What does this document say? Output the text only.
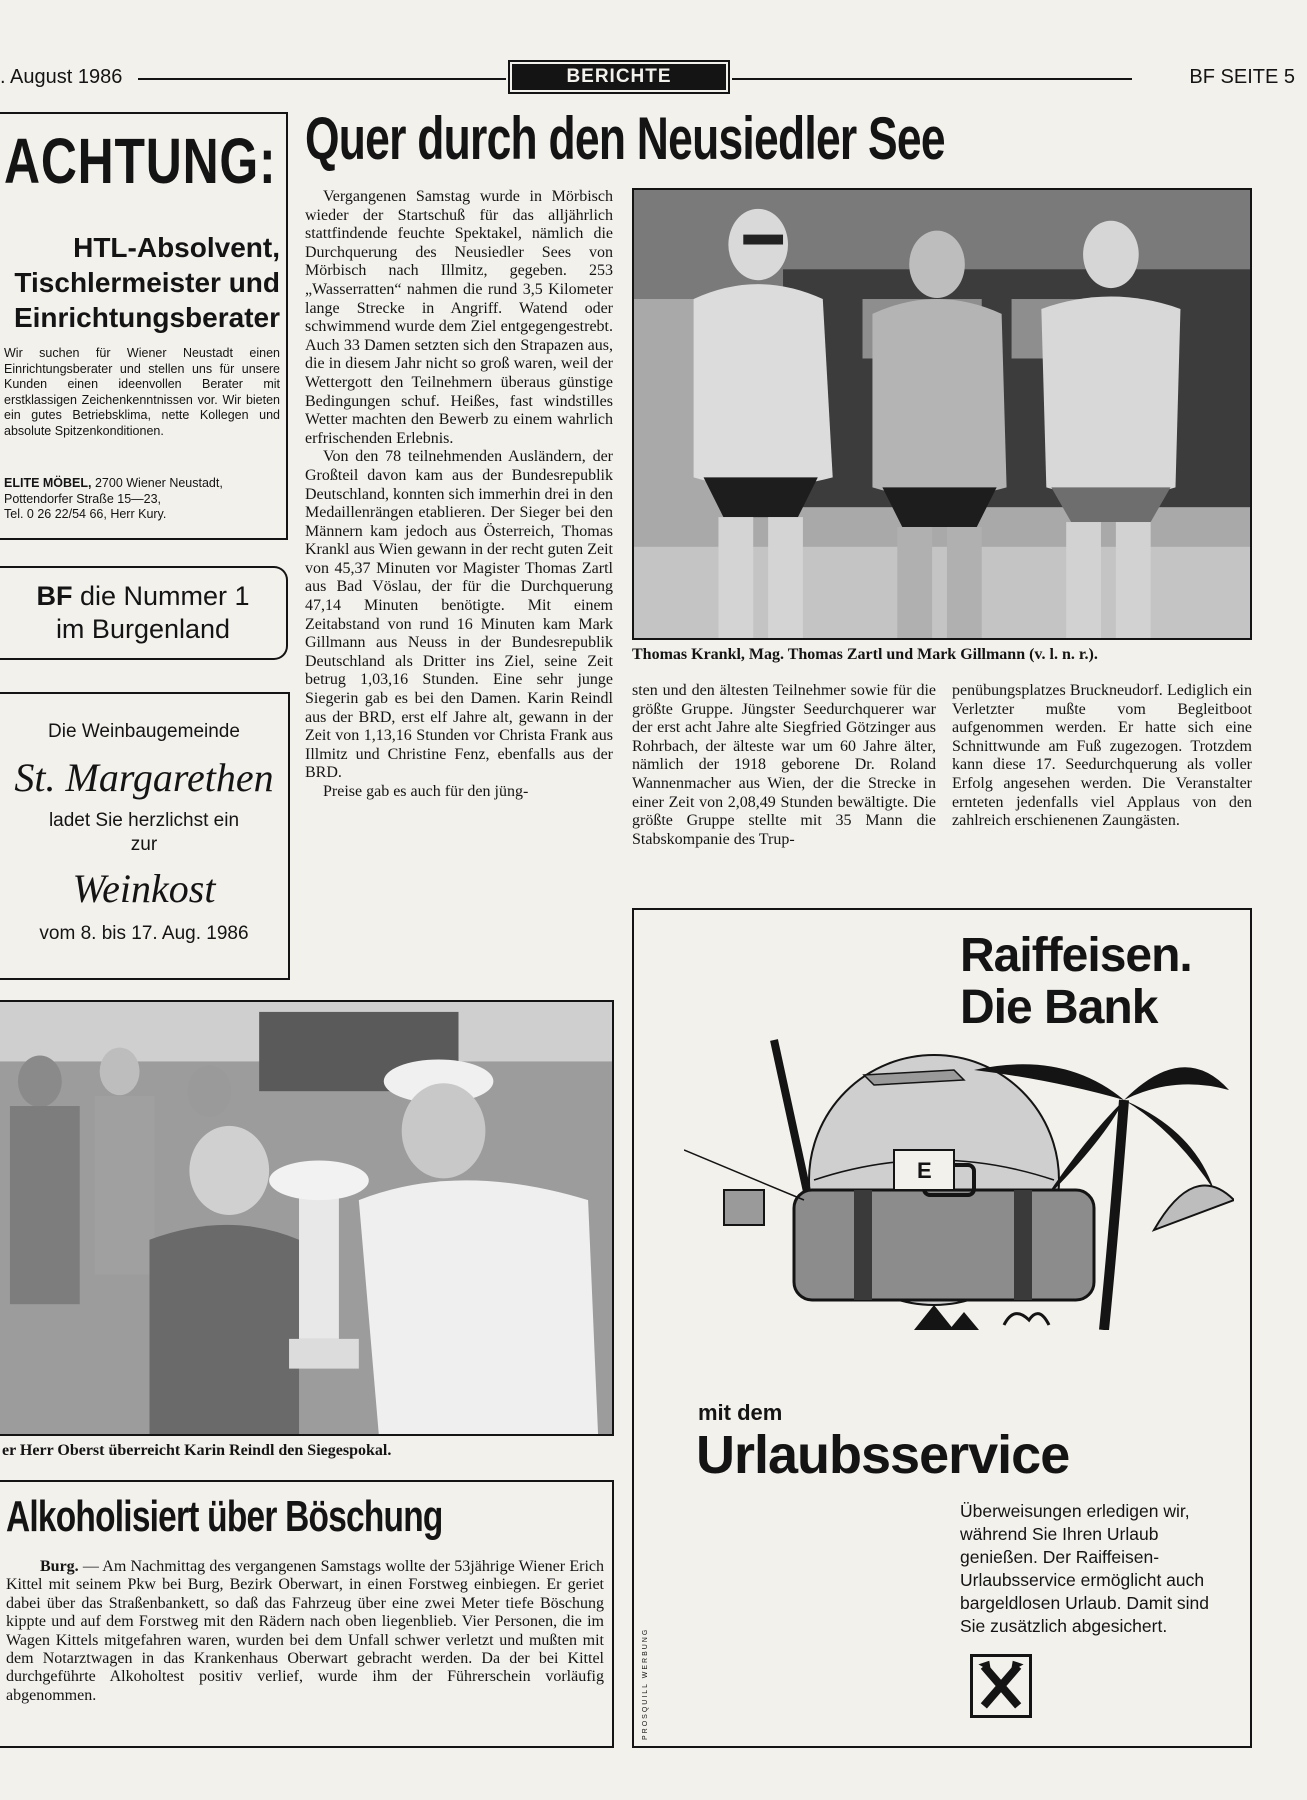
. August 1986	BERICHTE	BF SEITE 5
ACHTUNG:
HTL-Absolvent,
Tischlermeister und
Einrichtungsberater
Wir suchen für Wiener Neustadt einen Einrichtungsberater und stellen uns für unsere Kunden einen ideenvollen Berater mit erstklassigen Zeichenkenntnissen vor. Wir bieten ein gutes Betriebsklima, nette Kollegen und absolute Spitzenkonditionen.
ELITE MÖBEL, 2700 Wiener Neustadt,
Pottendorfer Straße 15—23,
Tel. 0 26 22/54 66, Herr Kury.
BF die Nummer 1
im Burgenland
Die Weinbaugemeinde
St. Margarethen
ladet Sie herzlichst ein
zur
Weinkost
vom 8. bis 17. Aug. 1986
Quer durch den Neusiedler See

Vergangenen Samstag wurde in Mörbisch wieder der Startschuß für das alljährlich stattfindende feuchte Spektakel, nämlich die Durchquerung des Neusiedler Sees von Mörbisch nach Illmitz, gegeben. 253 „Wasserratten“ nahmen die rund 3,5 Kilometer lange Strecke in Angriff. Watend oder schwimmend wurde dem Ziel entgegengestrebt. Auch 33 Damen setzten sich den Strapazen aus, die in diesem Jahr nicht so groß waren, weil der Wettergott den Teilnehmern überaus günstige Bedingungen schuf. Heißes, fast windstilles Wetter machten den Bewerb zu einem wahrlich erfrischenden Erlebnis.

Von den 78 teilnehmenden Ausländern, der Großteil davon kam aus der Bundesrepublik Deutschland, konnten sich immerhin drei in den Medaillenrängen etablieren. Der Sieger bei den Männern kam jedoch aus Österreich, Thomas Krankl aus Wien gewann in der recht guten Zeit von 45,37 Minuten vor Magister Thomas Zartl aus Bad Vöslau, der für die Durchquerung 47,14 Minuten benötigte. Mit einem Zeitabstand von rund 16 Minuten kam Mark Gillmann aus Neuss in der Bundesrepublik Deutschland als Dritter ins Ziel, seine Zeit betrug 1,03,16 Stunden. Eine sehr junge Siegerin gab es bei den Damen. Karin Reindl aus der BRD, erst elf Jahre alt, gewann in der Zeit von 1,13,16 Stunden vor Christa Frank aus Illmitz und Christine Fenz, ebenfalls aus der BRD.

Preise gab es auch für den jüng-

Thomas Krankl, Mag. Thomas Zartl und Mark Gillmann (v. l. n. r.).
sten und den ältesten Teilnehmer sowie für die größte Gruppe. Jüngster Seedurchquerer war der erst acht Jahre alte Siegfried Götzinger aus Rohrbach, der älteste war um 60 Jahre älter, nämlich der 1918 geborene Dr. Roland Wannenmacher aus Wien, der die Strecke in einer Zeit von 2,08,49 Stunden bewältigte. Die größte Gruppe stellte mit 35 Mann die Stabskompanie des Trup-
penübungsplatzes Bruckneudorf. Lediglich ein Verletzter mußte vom Begleitboot aufgenommen werden. Er hatte sich eine Schnittwunde am Fuß zugezogen. Trotzdem kann diese 17. Seedurchquerung als voller Erfolg angesehen werden. Die Veranstalter ernteten jedenfalls viel Applaus von den zahlreich erschienenen Zaungästen.
er Herr Oberst überreicht Karin Reindl den Siegespokal.
Alkoholisiert über Böschung
Burg. — Am Nachmittag des vergangenen Samstags wollte der 53jährige Wiener Erich Kittel mit seinem Pkw bei Burg, Bezirk Oberwart, in einen Forstweg einbiegen. Er geriet dabei über das Straßenbankett, so daß das Fahrzeug über eine zwei Meter tiefe Böschung kippte und auf dem Forstweg mit den Rädern nach oben liegenblieb. Vier Personen, die im Wagen Kittels mitgefahren waren, wurden bei dem Unfall schwer verletzt und mußten mit dem Notarztwagen in das Krankenhaus Oberwart gebracht werden. Da der bei Kittel durchgeführte Alkoholtest positiv verlief, wurde ihm der Führerschein vorläufig abgenommen.
Raiffeisen.
Die Bank
E
mit dem
Urlaubsservice
Überweisungen erledigen wir, während Sie Ihren Urlaub genießen. Der Raiffeisen-Urlaubsservice ermöglicht auch bargeldlosen Urlaub. Damit sind Sie zusätzlich abgesichert.
PROSQUILL WERBUNG
